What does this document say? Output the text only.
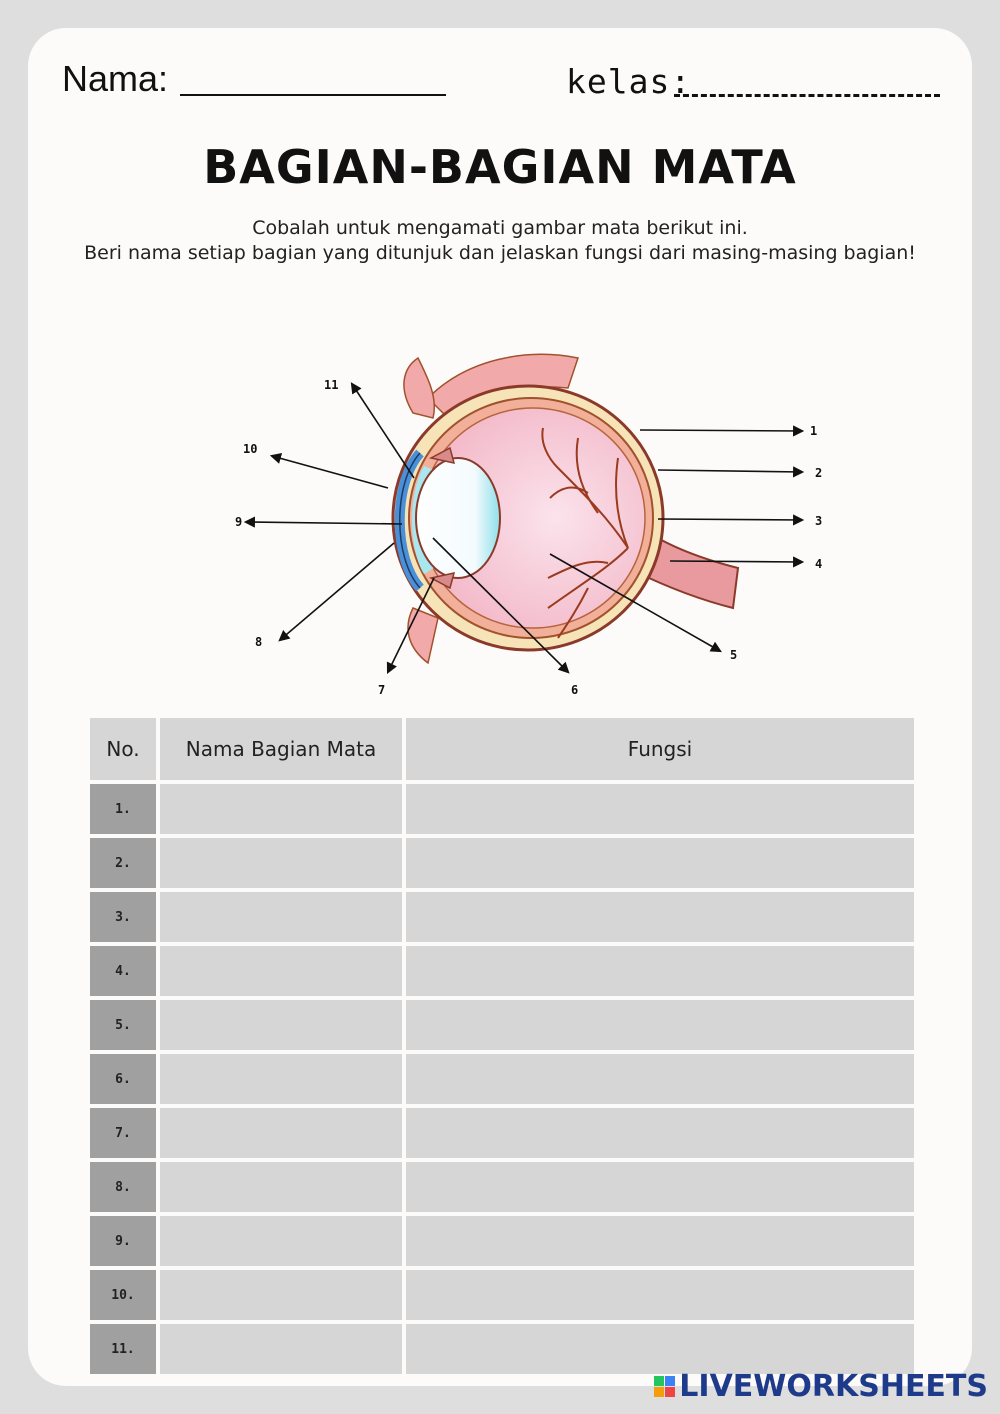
Nama:	kelas:
BAGIAN-BAGIAN MATA
Cobalah untuk mengamati gambar mata berikut ini.
Beri nama setiap bagian yang ditunjuk dan jelaskan fungsi dari masing-masing bagian!
1
2
3
4
5
6
7
8
9
10
11
No.	Nama Bagian Mata	Fungsi
1.		
2.		
3.		
4.		
5.		
6.		
7.		
8.		
9.		
10.		
11.		
LIVEWORKSHEETS
